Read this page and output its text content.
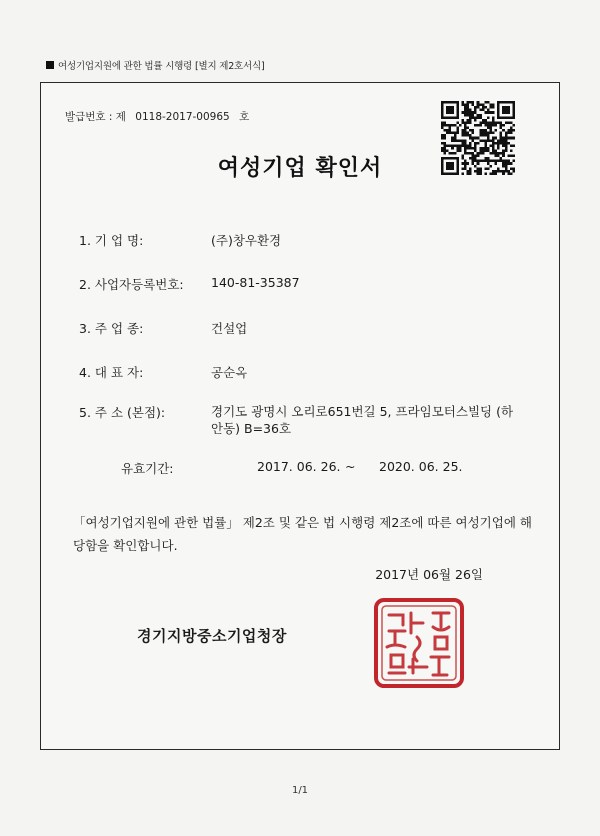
여성기업지원에 관한 법률 시행령 [별지 제2호서식]
발급번호 : 제 0118-2017-00965 호
여성기업 확인서
1. 기 업 명:	(주)창우환경
2. 사업자등록번호: 140-81-35387
3. 주 업 종:	건설업
4. 대 표 자:	공순옥
5. 주 소 (본점):	경기도 광명시 오리로651번길 5, 프라임모터스빌딩 (하안동) B=36호
유효기간:	2017. 06. 26. ~ 2020. 06. 25.
「여성기업지원에 관한 법률」 제2조 및 같은 법 시행령 제2조에 따른 여성기업에 해당함을 확인합니다.
2017년 06월 26일
경기지방중소기업청장
1/1
